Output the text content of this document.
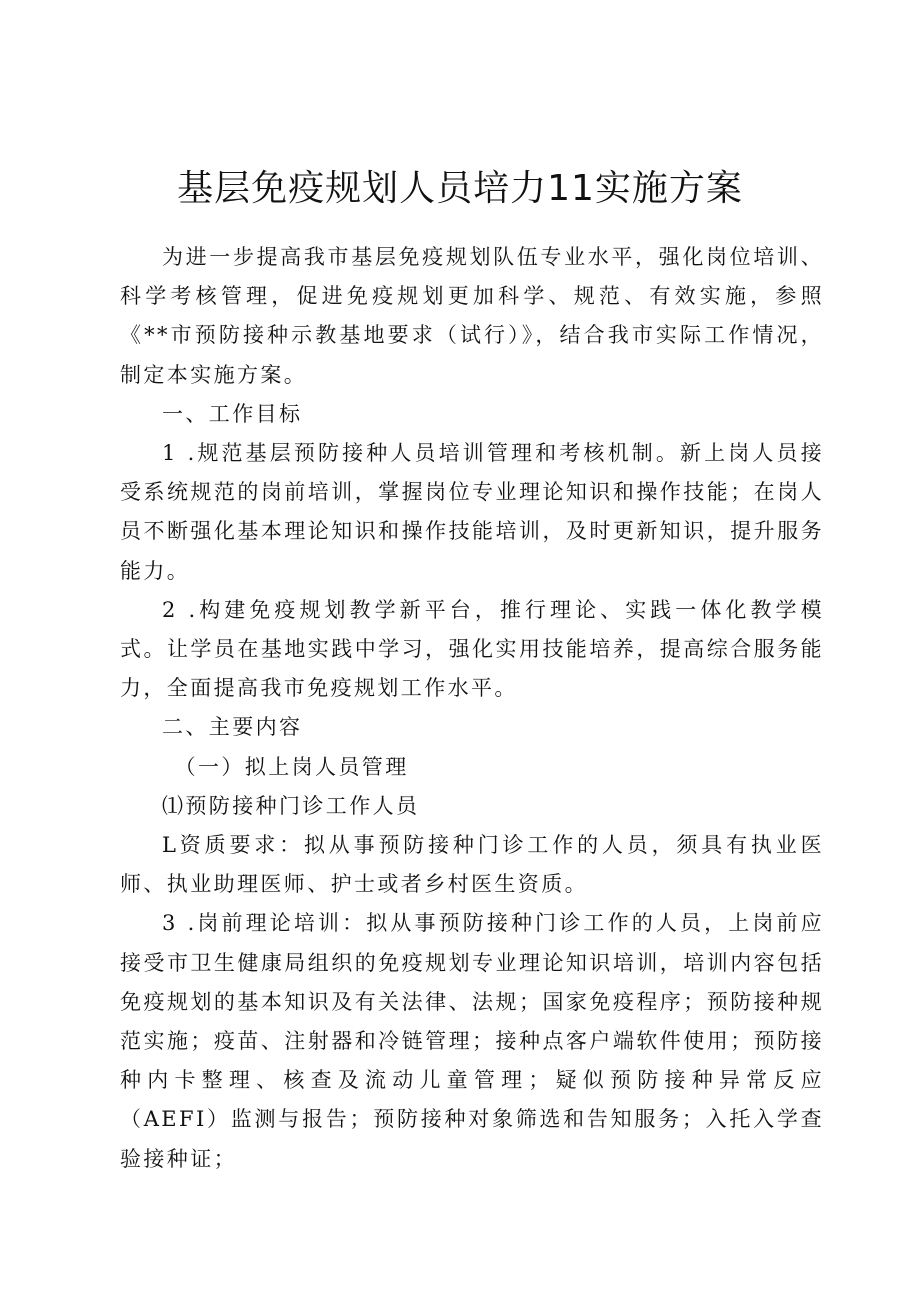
基层免疫规划人员培力11实施方案

为进一步提高我市基层免疫规划队伍专业水平，强化岗位培训、科学考核管理，促进免疫规划更加科学、规范、有效实施，参照《**市预防接种示教基地要求（试行）》，结合我市实际工作情况，制定本实施方案。

一、工作目标

1 .规范基层预防接种人员培训管理和考核机制。新上岗人员接受系统规范的岗前培训，掌握岗位专业理论知识和操作技能；在岗人员不断强化基本理论知识和操作技能培训，及时更新知识，提升服务能力。

2 .构建免疫规划教学新平台，推行理论、实践一体化教学模式。让学员在基地实践中学习，强化实用技能培养，提高综合服务能力，全面提高我市免疫规划工作水平。

二、主要内容

（一）拟上岗人员管理

⑴预防接种门诊工作人员

L资质要求：拟从事预防接种门诊工作的人员，须具有执业医师、执业助理医师、护士或者乡村医生资质。

3 .岗前理论培训：拟从事预防接种门诊工作的人员，上岗前应接受市卫生健康局组织的免疫规划专业理论知识培训，培训内容包括免疫规划的基本知识及有关法律、法规；国家免疫程序；预防接种规范实施；疫苗、注射器和冷链管理；接种点客户端软件使用；预防接种内卡整理、核查及流动儿童管理；疑似预防接种异常反应（AEFI）监测与报告；预防接种对象筛选和告知服务；入托入学查验接种证；
